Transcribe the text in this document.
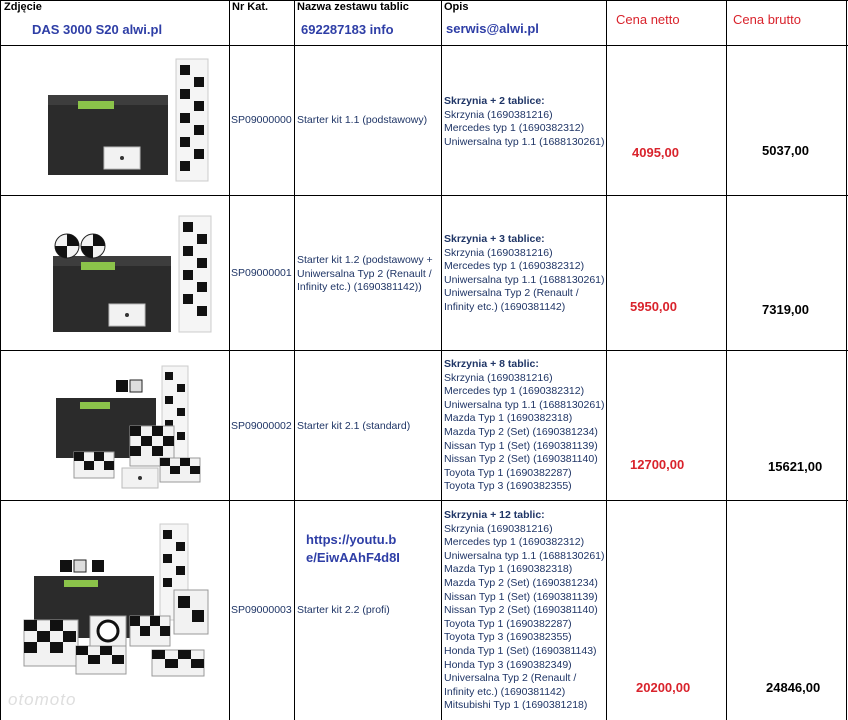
Zdjęcie
DAS 3000 S20 alwi.pl
Nr Kat.	Nazwa zestawu tablic
692287183 info
Opis
serwis@alwi.pl
Cena netto	Cena brutto
SP09000000 Starter kit 1.1 (podstawowy)
Skrzynia + 2 tablice:
Skrzynia (1690381216)
Mercedes typ 1 (1690382312)
Uniwersalna typ 1.1 (1688130261)
4095,00	5037,00
SP09000001
Starter kit 1.2 (podstawowy + Uniwersalna Typ 2 (Renault / Infinity etc.) (1690381142))
Skrzynia + 3 tablice:
Skrzynia (1690381216)
Mercedes typ 1 (1690382312)
Uniwersalna typ 1.1 (1688130261)
Uniwersalna Typ 2 (Renault /
Infinity etc.) (1690381142)	5950,00	7319,00
SP09000002 Starter kit 2.1 (standard)
Skrzynia + 8 tablic:
Skrzynia (1690381216)
Mercedes typ 1 (1690382312)
Uniwersalna typ 1.1 (1688130261)
Mazda Typ 1 (1690382318)
Mazda Typ 2 (Set) (1690381234)
Nissan Typ 1 (Set) (1690381139)
Nissan Typ 2 (Set) (1690381140)
Toyota Typ 1 (1690382287)
Toyota Typ 3 (1690382355)
12700,00	15621,00
https://youtu.b
e/EiwAAhF4d8I
SP09000003 Starter kit 2.2 (profi)
Skrzynia + 12 tablic:
Skrzynia (1690381216)
Mercedes typ 1 (1690382312)
Uniwersalna typ 1.1 (1688130261)
Mazda Typ 1 (1690382318)
Mazda Typ 2 (Set) (1690381234)
Nissan Typ 1 (Set) (1690381139)
Nissan Typ 2 (Set) (1690381140)
Toyota Typ 1 (1690382287)
Toyota Typ 3 (1690382355)
Honda Typ 1 (Set) (1690381143)
Honda Typ 3 (1690382349)
Universalna Typ 2 (Renault /
Infinity etc.) (1690381142)
Mitsubishi Typ 1 (1690381218)
20200,00	24846,00
otomoto
